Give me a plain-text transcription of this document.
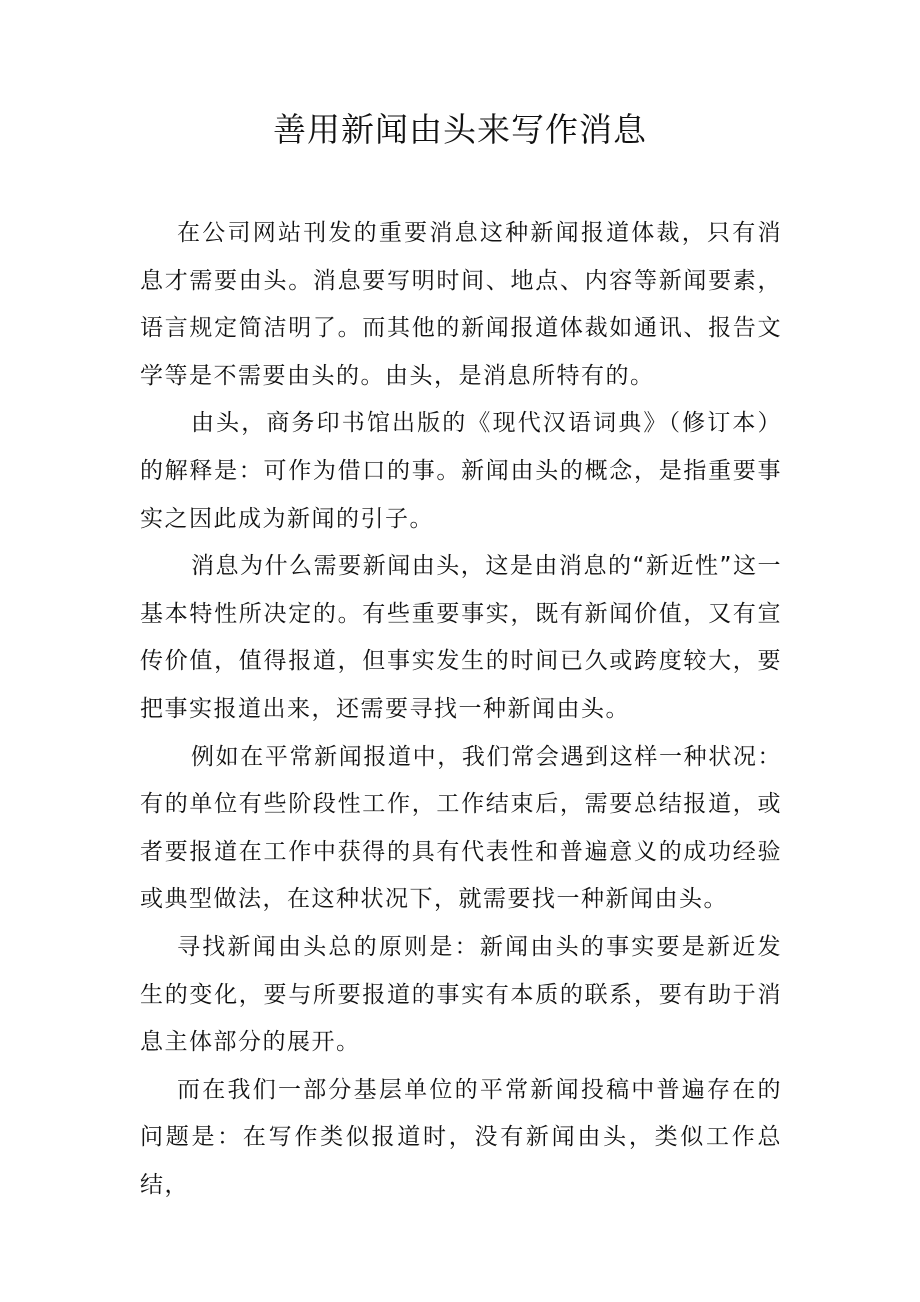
善用新闻由头来写作消息

在公司网站刊发的重要消息这种新闻报道体裁，只有消息才需要由头。消息要写明时间、地点、内容等新闻要素，语言规定简洁明了。而其他的新闻报道体裁如通讯、报告文学等是不需要由头的。由头，是消息所特有的。

由头，商务印书馆出版的《现代汉语词典》（修订本）的解释是：可作为借口的事。新闻由头的概念，是指重要事实之因此成为新闻的引子。

消息为什么需要新闻由头，这是由消息的“新近性”这一基本特性所决定的。有些重要事实，既有新闻价值，又有宣传价值，值得报道，但事实发生的时间已久或跨度较大，要把事实报道出来，还需要寻找一种新闻由头。

例如在平常新闻报道中，我们常会遇到这样一种状况：有的单位有些阶段性工作，工作结束后，需要总结报道，或者要报道在工作中获得的具有代表性和普遍意义的成功经验或典型做法，在这种状况下，就需要找一种新闻由头。

寻找新闻由头总的原则是：新闻由头的事实要是新近发生的变化，要与所要报道的事实有本质的联系，要有助于消息主体部分的展开。

而在我们一部分基层单位的平常新闻投稿中普遍存在的问题是：在写作类似报道时，没有新闻由头，类似工作总结，
